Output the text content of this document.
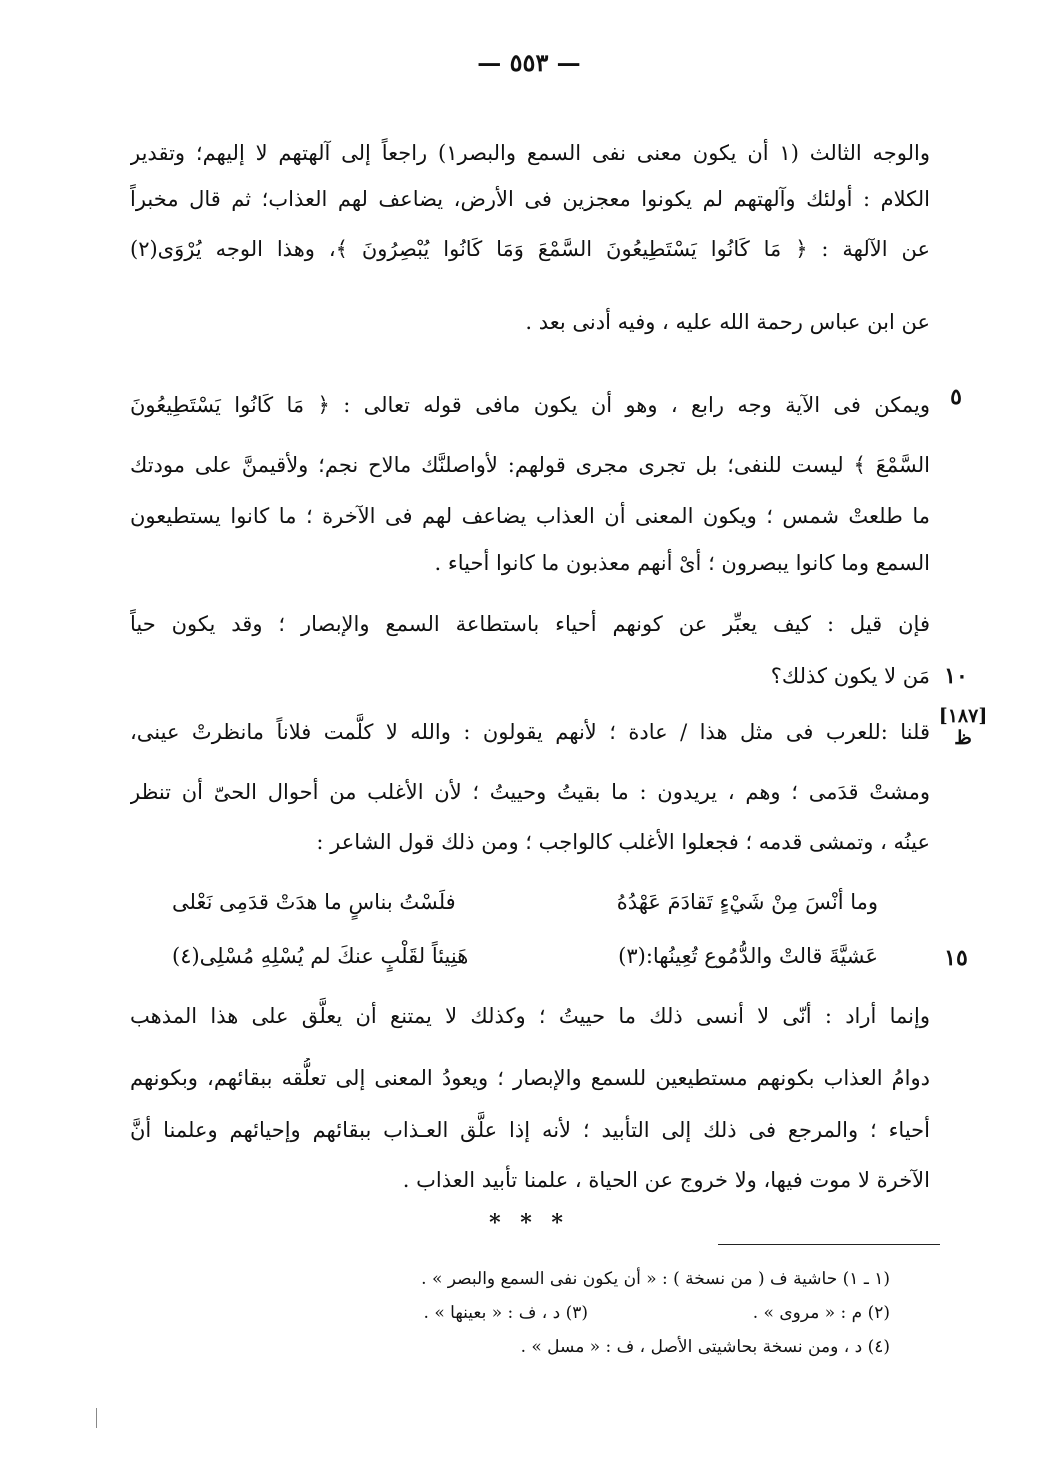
— ٥٥٣ —
والوجه الثالث (١ أن يكون معنى نفى السمع والبصر١) راجعاً إلى آلهتهم لا إليهم؛ وتقدير
الكلام : أولئك وآلهتهم لم يكونوا معجزين فى الأرض، يضاعف لهم العذاب؛ ثم قال مخبراً
عن الآلهة : ﴿ مَا كَانُوا يَسْتَطِيعُونَ السَّمْعَ وَمَا كَانُوا يُبْصِرُونَ ﴾، وهذا الوجه يُرْوَى(٢)
عن ابن عباس رحمة الله عليه ، وفيه أدنى بعد .
٥
ويمكن فى الآية وجه رابع ، وهو أن يكون مافى قوله تعالى : ﴿ مَا كَانُوا يَسْتَطِيعُونَ
السَّمْعَ ﴾ ليست للنفى؛ بل تجرى مجرى قولهم: لأواصلنَّك مالاح نجم؛ ولأقيمنَّ على مودتك
ما طلعتْ شمس ؛ ويكون المعنى أن العذاب يضاعف لهم فى الآخرة ؛ ما كانوا يستطيعون
السمع وما كانوا يبصرون ؛ أىْ أنهم معذبون ما كانوا أحياء .
فإن قيل : كيف يعبِّر عن كونهم أحياء باستطاعة السمع والإبصار ؛ وقد يكون حياً
١٠
مَن لا يكون كذلك؟
[١٨٧]
ظ
قلنا :للعرب فى مثل هذا / عادة ؛ لأنهم يقولون : والله لا كلَّمت فلاناً مانظرتْ عينى،
ومشتْ قدَمى ؛ وهم ، يريدون : ما بقيتُ وحييتُ ؛ لأن الأغلب من أحوال الحىّ أن تنظر
عينُه ، وتمشى قدمه ؛ فجعلوا الأغلب كالواجب ؛ ومن ذلك قول الشاعر :
وما أنْسَ مِنْ شَيْءٍ تَقادَمَ عَهْدُهُ
فلَسْتُ بناسٍ ما هدَتْ قدَمِى نَعْلى
١٥
عَشيَّةَ قالتْ والدُّمُوع تُعِينُها:(٣)
هَنِيئاً لقَلْبٍ عنكَ لم يُسْلِهِ مُسْلِى(٤)
وإنما أراد : أنّى لا أنسى ذلك ما حييتُ ؛ وكذلك لا يمتنع أن يعلَّق على هذا المذهب
دوامُ العذاب بكونهم مستطيعين للسمع والإبصار ؛ ويعودُ المعنى إلى تعلُّقه ببقائهم، وبكونهم
أحياء ؛ والمرجع فى ذلك إلى التأبيد ؛ لأنه إذا علَّق العـذاب ببقائهم وإحيائهم وعلمنا أنَّ
الآخرة لا موت فيها، ولا خروج عن الحياة ، علمنا تأبيد العذاب .
* * *
(١ ـ ١) حاشية ف ( من نسخة ) : « أن يكون نفى السمع والبصر » .
(٢) م : « مروى » .
(٣) د ، ف : « بعينها » .
(٤) د ، ومن نسخة بحاشيتى الأصل ، ف : « مسل » .
